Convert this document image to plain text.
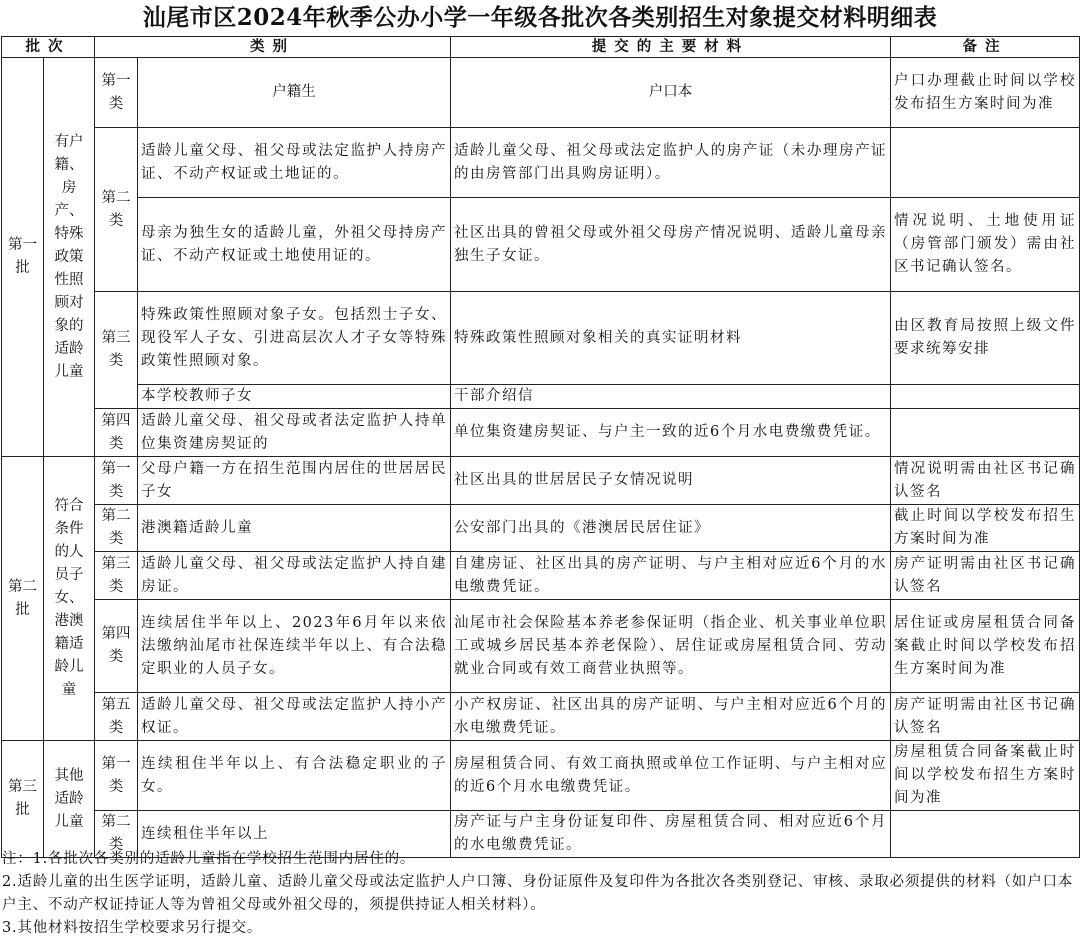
汕尾市区2024年秋季公办小学一年级各批次各类别招生对象提交材料明细表
批次		类别		提交的主要材料	备注
第一批	有户籍、房产、特殊政策性照顾对象的适龄儿童	第一类	户籍生	户口本	户口办理截止时间以学校发布招生方案时间为准
		第二类	适龄儿童父母、祖父母或法定监护人持房产证、不动产权证或土地证的。	适龄儿童父母、祖父母或法定监护人的房产证（未办理房产证的由房管部门出具购房证明）。	
			母亲为独生女的适龄儿童，外祖父母持房产证、不动产权证或土地使用证的。	社区出具的曾祖父母或外祖父母房产情况说明、适龄儿童母亲独生子女证。	情况说明、土地使用证（房管部门颁发）需由社区书记确认签名。
		第三类	特殊政策性照顾对象子女。包括烈士子女、现役军人子女、引进高层次人才子女等特殊政策性照顾对象。	特殊政策性照顾对象相关的真实证明材料	由区教育局按照上级文件要求统筹安排
			本学校教师子女	干部介绍信	
		第四类	适龄儿童父母、祖父母或者法定监护人持单位集资建房契证的	单位集资建房契证、与户主一致的近6个月水电费缴费凭证。	
第二批	符合条件的人员子女、港澳籍适龄儿童	第一类	父母户籍一方在招生范围内居住的世居居民子女	社区出具的世居居民子女情况说明	情况说明需由社区书记确认签名
		第二类	港澳籍适龄儿童	公安部门出具的《港澳居民居住证》	截止时间以学校发布招生方案时间为准
		第三类	适龄儿童父母、祖父母或法定监护人持自建房证。	自建房证、社区出具的房产证明、与户主相对应近6个月的水电缴费凭证。	房产证明需由社区书记确认签名
		第四类	连续居住半年以上、2023年6月年以来依法缴纳汕尾市社保连续半年以上、有合法稳定职业的人员子女。	汕尾市社会保险基本养老参保证明（指企业、机关事业单位职工或城乡居民基本养老保险）、居住证或房屋租赁合同、劳动就业合同或有效工商营业执照等。	居住证或房屋租赁合同备案截止时间以学校发布招生方案时间为准
		第五类	适龄儿童父母、祖父母或法定监护人持小产权证。	小产权房证、社区出具的房产证明、与户主相对应近6个月的水电缴费凭证。	房产证明需由社区书记确认签名
第三批	其他适龄儿童	第一类	连续租住半年以上、有合法稳定职业的子女。	房屋租赁合同、有效工商执照或单位工作证明、与户主相对应的近6个月水电缴费凭证。	房屋租赁合同备案截止时间以学校发布招生方案时间为准
		第二类	连续租住半年以上	房产证与户主身份证复印件、房屋租赁合同、相对应近6个月的水电缴费凭证。	

注：1.各批次各类别的适龄儿童指在学校招生范围内居住的。

2.适龄儿童的出生医学证明，适龄儿童、适龄儿童父母或法定监护人户口簿、身份证原件及复印件为各批次各类别登记、审核、录取必须提供的材料（如户口本户主、不动产权证持证人等为曾祖父母或外祖父母的，须提供持证人相关材料）。

3.其他材料按招生学校要求另行提交。
